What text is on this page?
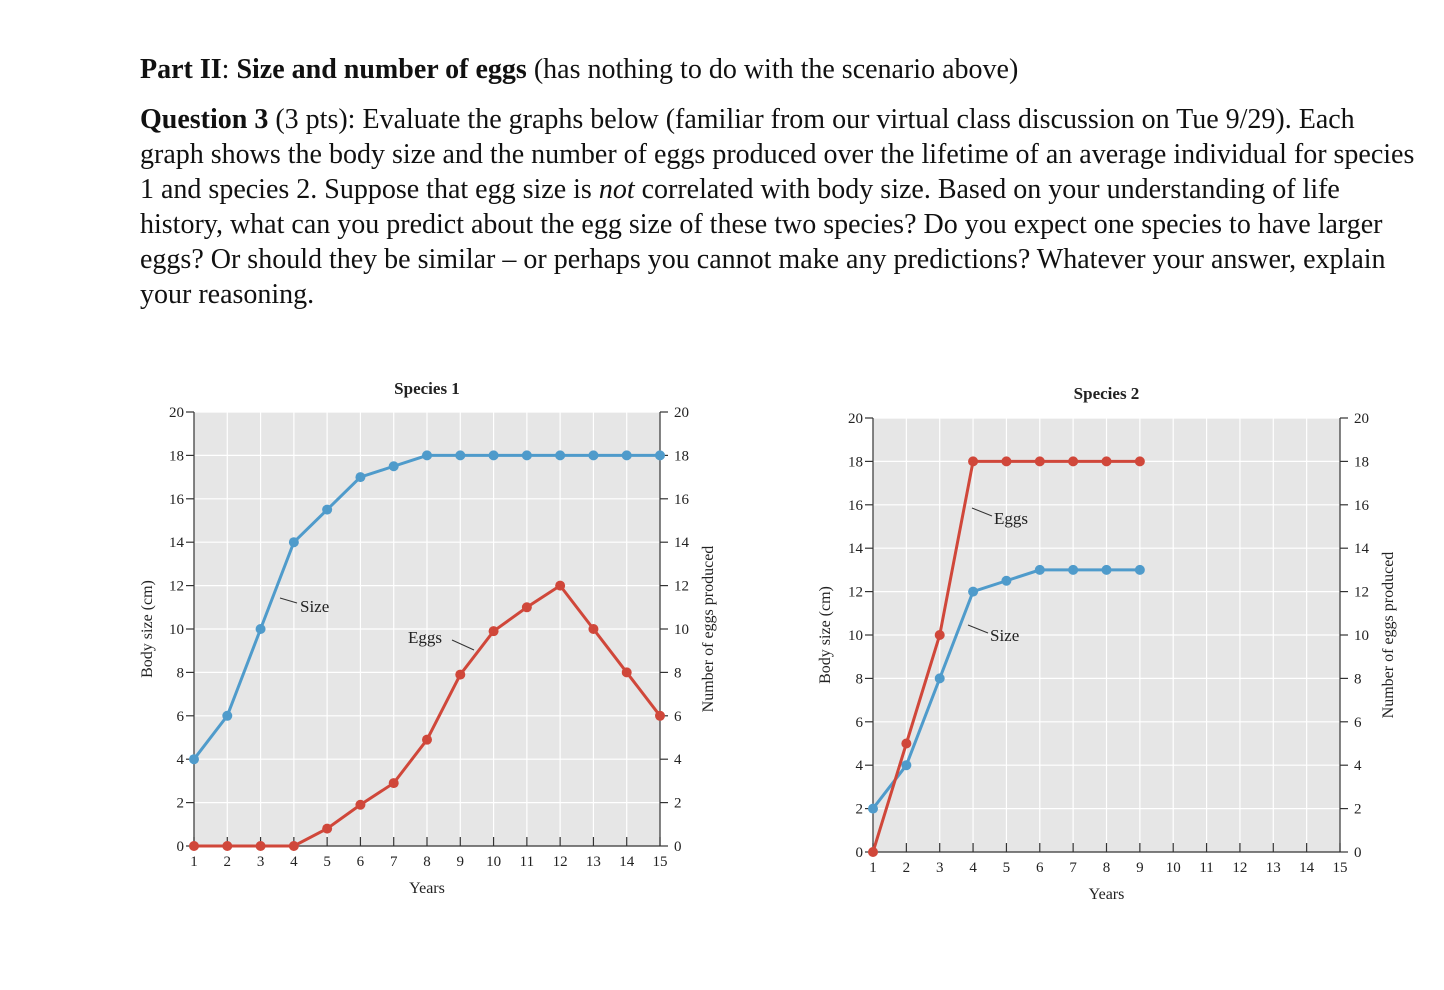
Part II: Size and number of eggs (has nothing to do with the scenario above)

Question 3 (3 pts): Evaluate the graphs below (familiar from our virtual class discussion on Tue 9/29). Each graph shows the body size and the number of eggs produced over the lifetime of an average individual for species 1 and species 2. Suppose that egg size is not correlated with body size. Based on your understanding of life history, what can you predict about the egg size of these two species? Do you expect one species to have larger eggs? Or should they be similar – or perhaps you cannot make any predictions? Whatever your answer, explain your reasoning.

0	0
2	2
4	4
6	6
8	8
10	10
12	12
14	14
16	16
18	18
20	20
1 2 3 4 5 6 7 8 9 10 11 12 13 14 15
Species 1
Years
Body size (cm)	Number of eggs produced
Size
Eggs
0	0
2	2
4	4
6	6
8	8
10	10
12	12
14	14
16	16
18	18
20	20
1 2 3 4 5 6 7 8 9 10 11 12 13 14 15
Species 2
Years
Body size (cm)	Number of eggs produced
Eggs
Size
